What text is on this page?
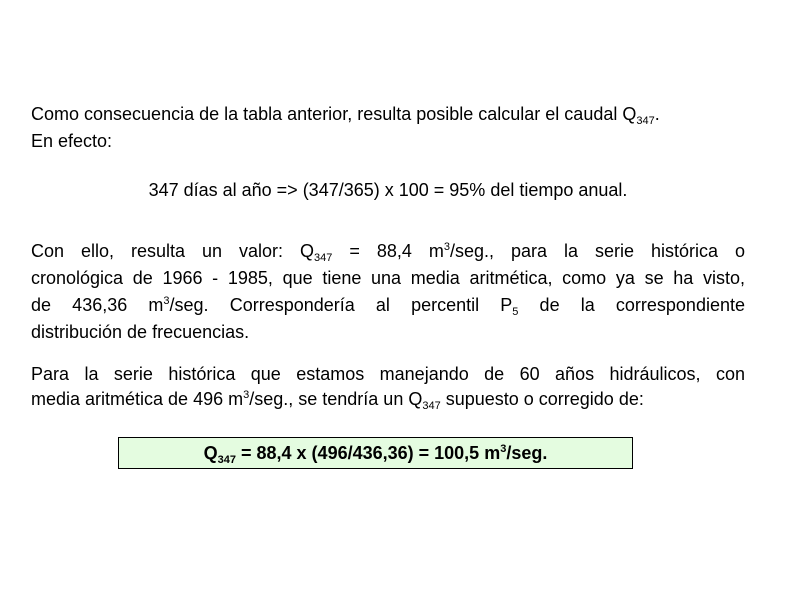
Como consecuencia de la tabla anterior, resulta posible calcular el caudal $Q_{347}$.
En efecto:
347 días al año => (347/365) x 100 = 95% del tiempo anual.
Con ello, resulta un valor: $Q_{347} = 88,4$ $m^3$/seg., para la serie histórica o
cronológica de 1966 - 1985, que tiene una media aritmética, como ya se ha visto,
de 436,36 $m^3$/seg. Correspondería al percentil $P_5$ de la correspondiente
distribución de frecuencias.
Para la serie histórica que estamos manejando de 60 años hidráulicos, con
media aritmética de 496 $m^3$/seg., se tendría un $Q_{347}$ supuesto o corregido de:
$Q_{347} = 88,4$ x (496/436,36) = 100,5 $m^3$/seg.
